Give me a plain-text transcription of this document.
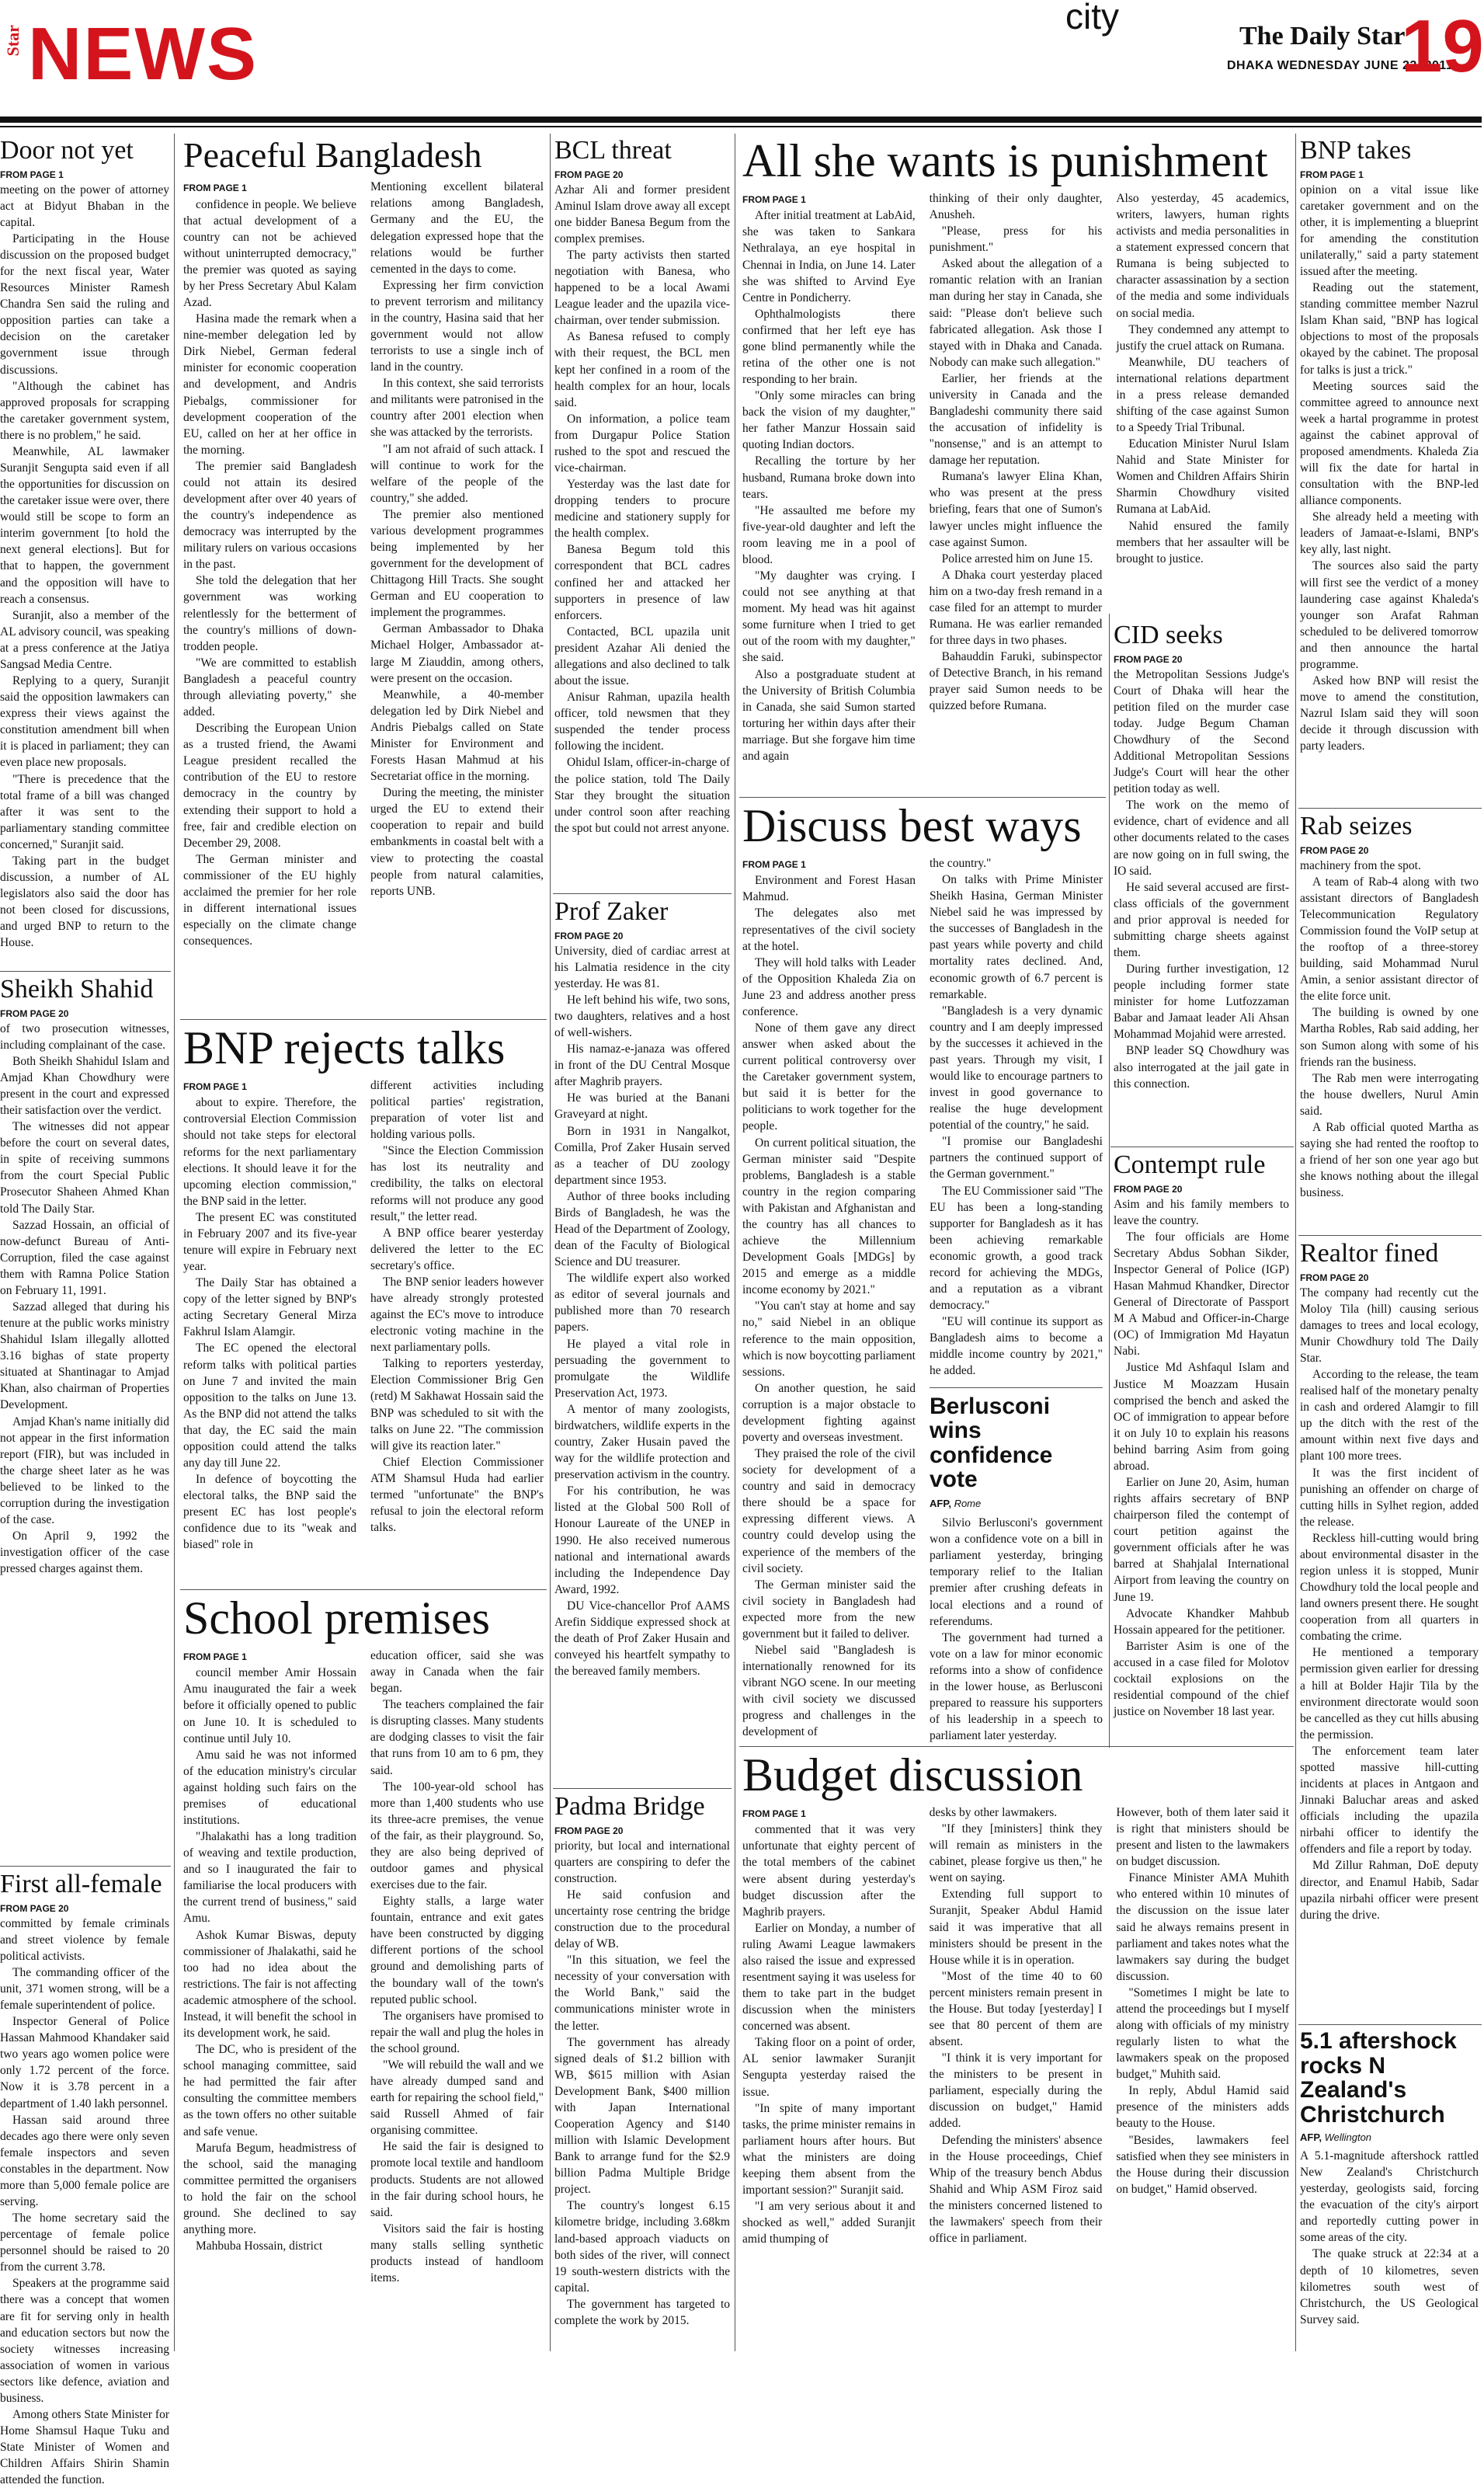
Star NEWS	city	The Daily Star
DHAKA WEDNESDAY JUNE 22, 2011
19
Door not yet
FROM PAGE 1

meeting on the power of attorney act at Bidyut Bhaban in the capital.

Participating in the House discussion on the proposed budget for the next fiscal year, Water Resources Minister Ramesh Chandra Sen said the ruling and opposition parties can take a decision on the caretaker government issue through discussions.

"Although the cabinet has approved proposals for scrapping the caretaker government system, there is no problem," he said.

Meanwhile, AL lawmaker Suranjit Sengupta said even if all the opportunities for discussion on the caretaker issue were over, there would still be scope to form an interim government [to hold the next general elections]. But for that to happen, the government and the opposition will have to reach a consensus.

Suranjit, also a member of the AL advisory council, was speaking at a press conference at the Jatiya Sangsad Media Centre.

Replying to a query, Suranjit said the opposition lawmakers can express their views against the constitution amendment bill when it is placed in parliament; they can even place new proposals.

"There is precedence that the total frame of a bill was changed after it was sent to the parliamentary standing committee concerned," Suranjit said.

Taking part in the budget discussion, a number of AL legislators also said the door has not been closed for discussions, and urged BNP to return to the House.

Sheikh Shahid
FROM PAGE 20

of two prosecution witnesses, including complainant of the case.

Both Sheikh Shahidul Islam and Amjad Khan Chowdhury were present in the court and expressed their satisfaction over the verdict.

The witnesses did not appear before the court on several dates, in spite of receiving summons from the court Special Public Prosecutor Shaheen Ahmed Khan told The Daily Star.

Sazzad Hossain, an official of now-defunct Bureau of Anti-Corruption, filed the case against them with Ramna Police Station on February 11, 1991.

Sazzad alleged that during his tenure at the public works ministry Shahidul Islam illegally allotted 3.16 bighas of state property situated at Shantinagar to Amjad Khan, also chairman of Properties Development.

Amjad Khan's name initially did not appear in the first information report (FIR), but was included in the charge sheet later as he was believed to be linked to the corruption during the investigation of the case.

On April 9, 1992 the investigation officer of the case pressed charges against them.

First all-female
FROM PAGE 20

committed by female criminals and street violence by female political activists.

The commanding officer of the unit, 371 women strong, will be a female superintendent of police.

Inspector General of Police Hassan Mahmood Khandaker said two years ago women police were only 1.72 percent of the force. Now it is 3.78 percent in a department of 1.40 lakh personnel.

Hassan said around three decades ago there were only seven female inspectors and seven constables in the department. Now more than 5,000 female police are serving.

The home secretary said the percentage of female police personnel should be raised to 20 from the current 3.78.

Speakers at the programme said there was a concept that women are fit for serving only in health and education sectors but now the society witnesses increasing association of women in various sectors like defence, aviation and business.

Among others State Minister for Home Shamsul Haque Tuku and State Minister of Women and Children Affairs Shirin Shamin attended the function.

Peaceful Bangladesh
FROM PAGE 1

confidence in people. We believe that actual development of a country can not be achieved without uninterrupted democracy," the premier was quoted as saying by her Press Secretary Abul Kalam Azad.

Hasina made the remark when a nine-member delegation led by Dirk Niebel, German federal minister for economic cooperation and development, and Andris Piebalgs, commissioner for development cooperation of the EU, called on her at her office in the morning.

The premier said Bangladesh could not attain its desired development after over 40 years of the country's independence as democracy was interrupted by the military rulers on various occasions in the past.

She told the delegation that her government was working relentlessly for the betterment of the country's millions of down-trodden people.

"We are committed to establish Bangladesh a peaceful country through alleviating poverty," she added.

Describing the European Union as a trusted friend, the Awami League president recalled the contribution of the EU to restore democracy in the country by extending their support to hold a free, fair and credible election on December 29, 2008.

The German minister and commissioner of the EU highly acclaimed the premier for her role in different international issues especially on the climate change consequences.

Mentioning excellent bilateral relations among Bangladesh, Germany and the EU, the delegation expressed hope that the relations would be further cemented in the days to come.

Expressing her firm conviction to prevent terrorism and militancy in the country, Hasina said that her government would not allow terrorists to use a single inch of land in the country.

In this context, she said terrorists and militants were patronised in the country after 2001 election when she was attacked by the terrorists.

"I am not afraid of such attack. I will continue to work for the welfare of the people of the country," she added.

The premier also mentioned various development programmes being implemented by her government for the development of Chittagong Hill Tracts. She sought German and EU cooperation to implement the programmes.

German Ambassador to Dhaka Michael Holger, Ambassador at-large M Ziauddin, among others, were present on the occasion.

Meanwhile, a 40-member delegation led by Dirk Niebel and Andris Piebalgs called on State Minister for Environment and Forests Hasan Mahmud at his Secretariat office in the morning.

During the meeting, the minister urged the EU to extend their cooperation to repair and build embankments in coastal belt with a view to protecting the coastal people from natural calamities, reports UNB.

BNP rejects talks
FROM PAGE 1

about to expire. Therefore, the controversial Election Commission should not take steps for electoral reforms for the next parliamentary elections. It should leave it for the upcoming election commission," the BNP said in the letter.

The present EC was constituted in February 2007 and its five-year tenure will expire in February next year.

The Daily Star has obtained a copy of the letter signed by BNP's acting Secretary General Mirza Fakhrul Islam Alamgir.

The EC opened the electoral reform talks with political parties on June 7 and invited the main opposition to the talks on June 13. As the BNP did not attend the talks that day, the EC said the main opposition could attend the talks any day till June 22.

In defence of boycotting the electoral talks, the BNP said the present EC has lost people's confidence due to its "weak and biased" role in

different activities including political parties' registration, preparation of voter list and holding various polls.

"Since the Election Commission has lost its neutrality and credibility, the talks on electoral reforms will not produce any good result," the letter read.

A BNP office bearer yesterday delivered the letter to the EC secretary's office.

The BNP senior leaders however have already strongly protested against the EC's move to introduce electronic voting machine in the next parliamentary polls.

Talking to reporters yesterday, Election Commissioner Brig Gen (retd) M Sakhawat Hossain said the BNP was scheduled to sit with the talks on June 22. "The commission will give its reaction later."

Chief Election Commissioner ATM Shamsul Huda had earlier termed "unfortunate" the BNP's refusal to join the electoral reform talks.

School premises
FROM PAGE 1

council member Amir Hossain Amu inaugurated the fair a week before it officially opened to public on June 10. It is scheduled to continue until July 10.

Amu said he was not informed of the education ministry's circular against holding such fairs on the premises of educational institutions.

"Jhalakathi has a long tradition of weaving and textile production, and so I inaugurated the fair to familiarise the local producers with the current trend of business," said Amu.

Ashok Kumar Biswas, deputy commissioner of Jhalakathi, said he too had no idea about the restrictions. The fair is not affecting academic atmosphere of the school. Instead, it will benefit the school in its development work, he said.

The DC, who is president of the school managing committee, said he had permitted the fair after consulting the committee members as the town offers no other suitable and safe venue.

Marufa Begum, headmistress of the school, said the managing committee permitted the organisers to hold the fair on the school ground. She declined to say anything more.

Mahbuba Hossain, district

education officer, said she was away in Canada when the fair began.

The teachers complained the fair is disrupting classes. Many students are dodging classes to visit the fair that runs from 10 am to 6 pm, they said.

The 100-year-old school has more than 1,400 students who use its three-acre premises, the venue of the fair, as their playground. So, they are also being deprived of outdoor games and physical exercises due to the fair.

Eighty stalls, a large water fountain, entrance and exit gates have been constructed by digging different portions of the school ground and demolishing parts of the boundary wall of the town's reputed public school.

The organisers have promised to repair the wall and plug the holes in the school ground.

"We will rebuild the wall and we have already dumped sand and earth for repairing the school field," said Russell Ahmed of fair organising committee.

He said the fair is designed to promote local textile and handloom products. Students are not allowed in the fair during school hours, he said.

Visitors said the fair is hosting many stalls selling synthetic products instead of handloom items.

BCL threat
FROM PAGE 20

Azhar Ali and former president Aminul Islam drove away all except one bidder Banesa Begum from the complex premises.

The party activists then started negotiation with Banesa, who happened to be a local Awami League leader and the upazila vice-chairman, over tender submission.

As Banesa refused to comply with their request, the BCL men kept her confined in a room of the health complex for an hour, locals said.

On information, a police team from Durgapur Police Station rushed to the spot and rescued the vice-chairman.

Yesterday was the last date for dropping tenders to procure medicine and stationery supply for the health complex.

Banesa Begum told this correspondent that BCL cadres confined her and attacked her supporters in presence of law enforcers.

Contacted, BCL upazila unit president Azahar Ali denied the allegations and also declined to talk about the issue.

Anisur Rahman, upazila health officer, told newsmen that they suspended the tender process following the incident.

Ohidul Islam, officer-in-charge of the police station, told The Daily Star they brought the situation under control soon after reaching the spot but could not arrest anyone.

Prof Zaker
FROM PAGE 20

University, died of cardiac arrest at his Lalmatia residence in the city yesterday. He was 81.

He left behind his wife, two sons, two daughters, relatives and a host of well-wishers.

His namaz-e-janaza was offered in front of the DU Central Mosque after Maghrib prayers.

He was buried at the Banani Graveyard at night.

Born in 1931 in Nangalkot, Comilla, Prof Zaker Husain served as a teacher of DU zoology department since 1953.

Author of three books including Birds of Bangladesh, he was the Head of the Department of Zoology, dean of the Faculty of Biological Science and DU treasurer.

The wildlife expert also worked as editor of several journals and published more than 70 research papers.

He played a vital role in persuading the government to promulgate the Wildlife Preservation Act, 1973.

A mentor of many zoologists, birdwatchers, wildlife experts in the country, Zaker Husain paved the way for the wildlife protection and preservation activism in the country.

For his contribution, he was listed at the Global 500 Roll of Honour Laureate of the UNEP in 1990. He also received numerous national and international awards including the Independence Day Award, 1992.

DU Vice-chancellor Prof AAMS Arefin Siddique expressed shock at the death of Prof Zaker Husain and conveyed his heartfelt sympathy to the bereaved family members.

Padma Bridge
FROM PAGE 20

priority, but local and international quarters are conspiring to defer the construction.

He said confusion and uncertainty rose centring the bridge construction due to the procedural delay of WB.

"In this situation, we feel the necessity of your conversation with the World Bank," said the communications minister wrote in the letter.

The government has already signed deals of $1.2 billion with WB, $615 million with Asian Development Bank, $400 million with Japan International Cooperation Agency and $140 million with Islamic Development Bank to arrange fund for the $2.9 billion Padma Multiple Bridge project.

The country's longest 6.15 kilometre bridge, including 3.68km land-based approach viaducts on both sides of the river, will connect 19 south-western districts with the capital.

The government has targeted to complete the work by 2015.

All she wants is punishment
FROM PAGE 1

After initial treatment at LabAid, she was taken to Sankara Nethralaya, an eye hospital in Chennai in India, on June 14. Later she was shifted to Arvind Eye Centre in Pondicherry.

Ophthalmologists there confirmed that her left eye has gone blind permanently while the retina of the other one is not responding to her brain.

"Only some miracles can bring back the vision of my daughter," her father Manzur Hossain said quoting Indian doctors.

Recalling the torture by her husband, Rumana broke down into tears.

"He assaulted me before my five-year-old daughter and left the room leaving me in a pool of blood.

"My daughter was crying. I could not see anything at that moment. My head was hit against some furniture when I tried to get out of the room with my daughter," she said.

Also a postgraduate student at the University of British Columbia in Canada, she said Sumon started torturing her within days after their marriage. But she forgave him time and again

thinking of their only daughter, Anusheh.

"Please, press for his punishment."

Asked about the allegation of a romantic relation with an Iranian man during her stay in Canada, she said: "Please don't believe such fabricated allegation. Ask those I stayed with in Dhaka and Canada. Nobody can make such allegation."

Earlier, her friends at the university in Canada and the Bangladeshi community there said the accusation of infidelity is "nonsense," and is an attempt to damage her reputation.

Rumana's lawyer Elina Khan, who was present at the press briefing, fears that one of Sumon's lawyer uncles might influence the case against Sumon.

Police arrested him on June 15.

A Dhaka court yesterday placed him on a two-day fresh remand in a case filed for an attempt to murder Rumana. He was earlier remanded for three days in two phases.

Bahauddin Faruki, subinspector of Detective Branch, in his remand prayer said Sumon needs to be quizzed before Rumana.

Also yesterday, 45 academics, writers, lawyers, human rights activists and media personalities in a statement expressed concern that Rumana is being subjected to character assassination by a section of the media and some individuals on social media.

They condemned any attempt to justify the cruel attack on Rumana.

Meanwhile, DU teachers of international relations department in a press release demanded shifting of the case against Sumon to a Speedy Trial Tribunal.

Education Minister Nurul Islam Nahid and State Minister for Women and Children Affairs Shirin Sharmin Chowdhury visited Rumana at LabAid.

Nahid ensured the family members that her assaulter will be brought to justice.

CID seeks
FROM PAGE 20

the Metropolitan Sessions Judge's Court of Dhaka will hear the petition filed on the murder case today. Judge Begum Chaman Chowdhury of the Second Additional Metropolitan Sessions Judge's Court will hear the other petition today as well.

The work on the memo of evidence, chart of evidence and all other documents related to the cases are now going on in full swing, the IO said.

He said several accused are first-class officials of the government and prior approval is needed for submitting charge sheets against them.

During further investigation, 12 people including former state minister for home Lutfozzaman Babar and Jamaat leader Ali Ahsan Mohammad Mojahid were arrested.

BNP leader SQ Chowdhury was also interrogated at the jail gate in this connection.

Contempt rule
FROM PAGE 20

Asim and his family members to leave the country.

The four officials are Home Secretary Abdus Sobhan Sikder, Inspector General of Police (IGP) Hasan Mahmud Khandker, Director General of Directorate of Passport M A Mabud and Officer-in-Charge (OC) of Immigration Md Hayatun Nabi.

Justice Md Ashfaqul Islam and Justice M Moazzam Husain comprised the bench and asked the OC of immigration to appear before it on July 10 to explain his reasons behind barring Asim from going abroad.

Earlier on June 20, Asim, human rights affairs secretary of BNP chairperson filed the contempt of court petition against the government officials after he was barred at Shahjalal International Airport from leaving the country on June 19.

Advocate Khandker Mahbub Hossain appeared for the petitioner.

Barrister Asim is one of the accused in a case filed for Molotov cocktail explosions on the residential compound of the chief justice on November 18 last year.

Discuss best ways
FROM PAGE 1

Environment and Forest Hasan Mahmud.

The delegates also met representatives of the civil society at the hotel.

They will hold talks with Leader of the Opposition Khaleda Zia on June 23 and address another press conference.

None of them gave any direct answer when asked about the current political controversy over the Caretaker government system, but said it is better for the politicians to work together for the people.

On current political situation, the German minister said "Despite problems, Bangladesh is a stable country in the region comparing with Pakistan and Afghanistan and the country has all chances to achieve the Millennium Development Goals [MDGs] by 2015 and emerge as a middle income economy by 2021."

"You can't stay at home and say no," said Niebel in an oblique reference to the main opposition, which is now boycotting parliament sessions.

On another question, he said corruption is a major obstacle to development fighting against poverty and overseas investment.

They praised the role of the civil society for development of a country and said in democracy there should be a space for expressing different views. A country could develop using the experience of the members of the civil society.

The German minister said the civil society in Bangladesh had expected more from the new government but it failed to deliver.

Niebel said "Bangladesh is internationally renowned for its vibrant NGO scene. In our meeting with civil society we discussed progress and challenges in the development of

the country."

On talks with Prime Minister Sheikh Hasina, German Minister Niebel said he was impressed by the successes of Bangladesh in the past years while poverty and child mortality rates declined. And, economic growth of 6.7 percent is remarkable.

"Bangladesh is a very dynamic country and I am deeply impressed by the successes it achieved in the past years. Through my visit, I would like to encourage partners to invest in good governance to realise the huge development potential of the country," he said.

"I promise our Bangladeshi partners the continued support of the German government."

The EU Commissioner said "The EU has been a long-standing supporter for Bangladesh as it has been achieving remarkable economic growth, a good track record for achieving the MDGs, and a reputation as a vibrant democracy."

"EU will continue its support as Bangladesh aims to become a middle income country by 2021," he added.

Berlusconi wins confidence vote
AFP, Rome

Silvio Berlusconi's government won a confidence vote on a bill in parliament yesterday, bringing temporary relief to the Italian premier after crushing defeats in local elections and a round of referendums.

The government had turned a vote on a law for minor economic reforms into a show of confidence in the lower house, as Berlusconi prepared to reassure his supporters of his leadership in a speech to parliament later yesterday.

Budget discussion
FROM PAGE 1

commented that it was very unfortunate that eighty percent of the total members of the cabinet were absent during yesterday's budget discussion after the Maghrib prayers.

Earlier on Monday, a number of ruling Awami League lawmakers also raised the issue and expressed resentment saying it was useless for them to take part in the budget discussion when the ministers concerned was absent.

Taking floor on a point of order, AL senior lawmaker Suranjit Sengupta yesterday raised the issue.

"In spite of many important tasks, the prime minister remains in parliament hours after hours. But what the ministers are doing keeping them absent from the important session?" Suranjit said.

"I am very serious about it and shocked as well," added Suranjit amid thumping of

desks by other lawmakers.

"If they [ministers] think they will remain as ministers in the cabinet, please forgive us then," he went on saying.

Extending full support to Suranjit, Speaker Abdul Hamid said it was imperative that all ministers should be present in the House while it is in operation.

"Most of the time 40 to 60 percent ministers remain present in the House. But today [yesterday] I see that 80 percent of them are absent.

"I think it is very important for the ministers to be present in parliament, especially during the discussion on budget," Hamid added.

Defending the ministers' absence in the House proceedings, Chief Whip of the treasury bench Abdus Shahid and Whip ASM Firoz said the ministers concerned listened to the lawmakers' speech from their office in parliament.

However, both of them later said it is right that ministers should be present and listen to the lawmakers on budget discussion.

Finance Minister AMA Muhith who entered within 10 minutes of the discussion on the issue later said he always remains present in parliament and takes notes what the lawmakers say during the budget discussion.

"Sometimes I might be late to attend the proceedings but I myself along with officials of my ministry regularly listen to what the lawmakers speak on the proposed budget," Muhith said.

In reply, Abdul Hamid said presence of the ministers adds beauty to the House.

"Besides, lawmakers feel satisfied when they see ministers in the House during their discussion on budget," Hamid observed.

BNP takes
FROM PAGE 1

opinion on a vital issue like caretaker government and on the other, it is implementing a blueprint for amending the constitution unilaterally," said a party statement issued after the meeting.

Reading out the statement, standing committee member Nazrul Islam Khan said, "BNP has logical objections to most of the proposals okayed by the cabinet. The proposal for talks is just a trick."

Meeting sources said the committee agreed to announce next week a hartal programme in protest against the cabinet approval of proposed amendments. Khaleda Zia will fix the date for hartal in consultation with the BNP-led alliance components.

She already held a meeting with leaders of Jamaat-e-Islami, BNP's key ally, last night.

The sources also said the party will first see the verdict of a money laundering case against Khaleda's younger son Arafat Rahman scheduled to be delivered tomorrow and then announce the hartal programme.

Asked how BNP will resist the move to amend the constitution, Nazrul Islam said they will soon decide it through discussion with party leaders.

Rab seizes
FROM PAGE 20

machinery from the spot.

A team of Rab-4 along with two assistant directors of Bangladesh Telecommunication Regulatory Commission found the VoIP setup at the rooftop of a three-storey building, said Mohammad Nurul Amin, a senior assistant director of the elite force unit.

The building is owned by one Martha Robles, Rab said adding, her son Sumon along with some of his friends ran the business.

The Rab men were interrogating the house dwellers, Nurul Amin said.

A Rab official quoted Martha as saying she had rented the rooftop to a friend of her son one year ago but she knows nothing about the illegal business.

Realtor fined
FROM PAGE 20

The company had recently cut the Moloy Tila (hill) causing serious damages to trees and local ecology, Munir Chowdhury told The Daily Star.

According to the release, the team realised half of the monetary penalty in cash and ordered Alamgir to fill up the ditch with the rest of the amount within next five days and plant 100 more trees.

It was the first incident of punishing an offender on charge of cutting hills in Sylhet region, added the release.

Reckless hill-cutting would bring about environmental disaster in the region unless it is stopped, Munir Chowdhury told the local people and land owners present there. He sought cooperation from all quarters in combating the crime.

He mentioned a temporary permission given earlier for dressing a hill at Bolder Hajir Tila by the environment directorate would soon be cancelled as they cut hills abusing the permission.

The enforcement team later spotted massive hill-cutting incidents at places in Antgaon and Jinnaki Baluchar areas and asked officials including the upazila nirbahi officer to identify the offenders and file a report by today.

Md Zillur Rahman, DoE deputy director, and Enamul Habib, Sadar upazila nirbahi officer were present during the drive.

5.1 aftershock rocks N Zealand's Christchurch
AFP, Wellington

A 5.1-magnitude aftershock rattled New Zealand's Christchurch yesterday, geologists said, forcing the evacuation of the city's airport and reportedly cutting power in some areas of the city.

The quake struck at 22:34 at a depth of 10 kilometres, seven kilometres south west of Christchurch, the US Geological Survey said.
